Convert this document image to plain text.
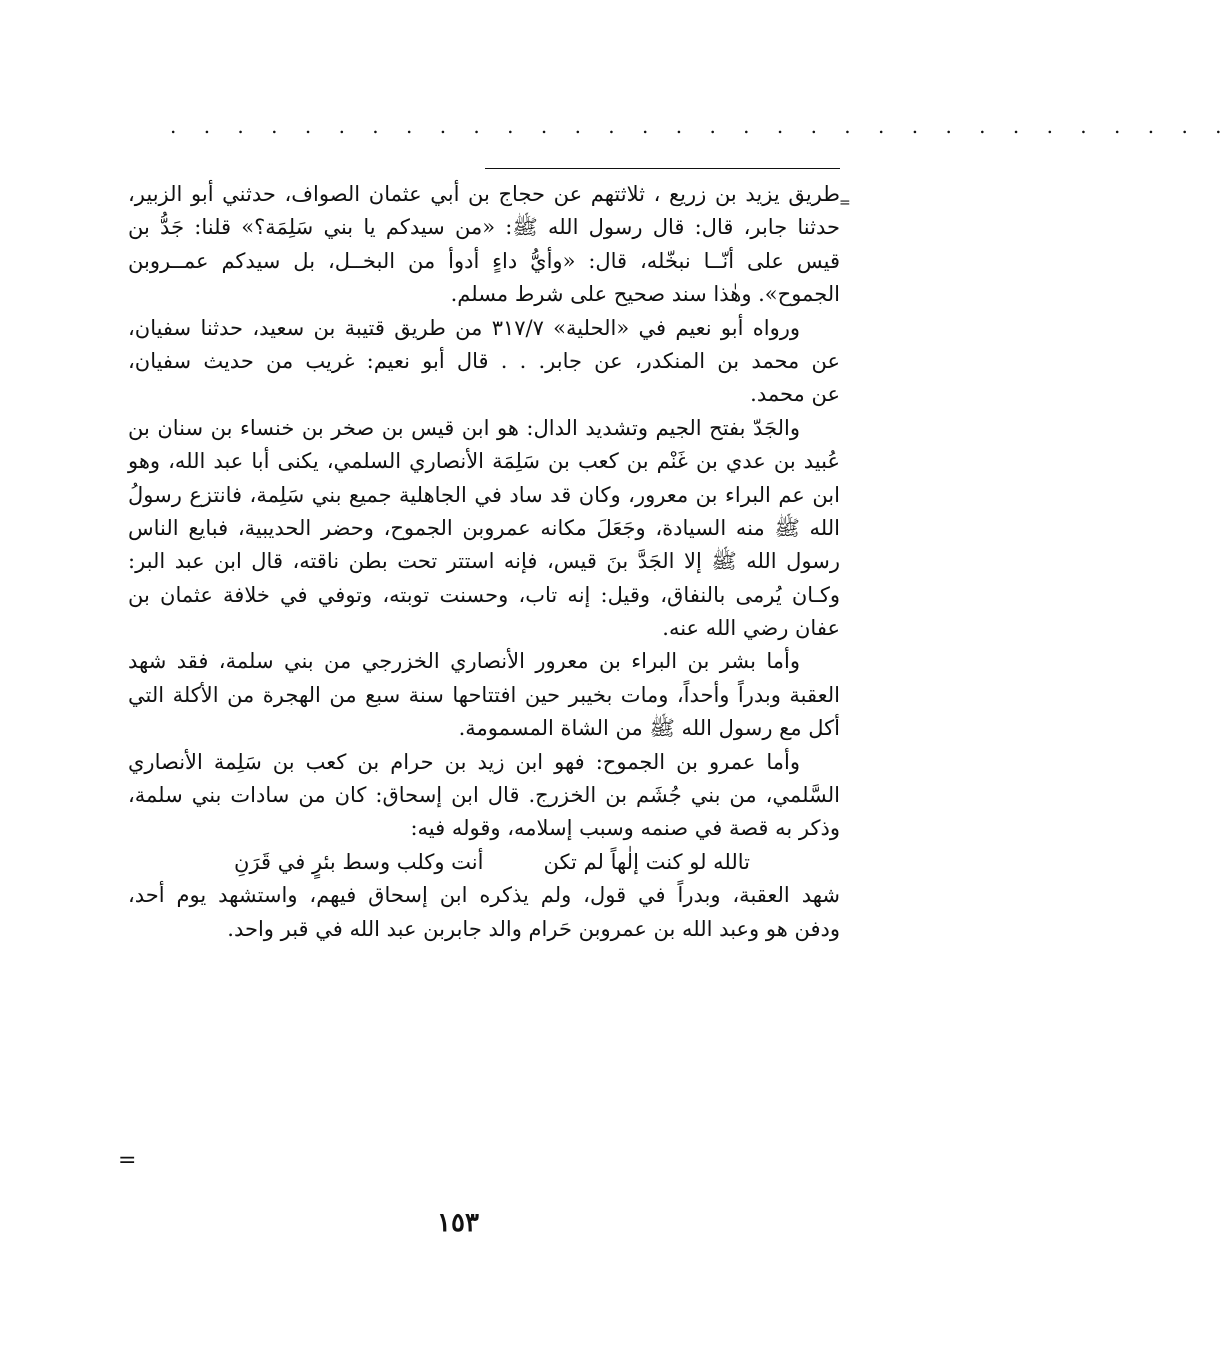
. . . . . . . . . . . . . . . . . . . . . . . . . . . . . . . .
=

طريق يزيد بن زريع ، ثلاثتهم عن حجاج بن أبي عثمان الصواف، حدثني أبو الزبير،
حدثنا جابر، قال: قال رسول الله ﷺ: «من سيدكم يا بني سَلِمَة؟» قلنا: جَدُّ بن
قيس على أنّــا نبخّله، قال: «وأيُّ داءٍ أدوأ من البخــل، بل سيدكم عمــروبن
الجموح». وهٰذا سند صحيح على شرط مسلم.

ورواه أبو نعيم في «الحلية» ٣١٧/٧ من طريق قتيبة بن سعيد، حدثنا سفيان،
عن محمد بن المنكدر، عن جابر. . . قال أبو نعيم: غريب من حديث سفيان،
عن محمد.

والجَدّ بفتح الجيم وتشديد الدال: هو ابن قيس بن صخر بن خنساء بن سنان بن
عُبيد بن عدي بن غَنْم بن كعب بن سَلِمَة الأنصاري السلمي، يكنى أبا عبد الله، وهو
ابن عم البراء بن معرور، وكان قد ساد في الجاهلية جميع بني سَلِمة، فانتزع رسولُ
الله ﷺ منه السيادة، وجَعَلَ مكانه عمروبن الجموح، وحضر الحديبية، فبايع الناس
رسول الله ﷺ إلا الجَدَّ بنَ قيس، فإنه استتر تحت بطن ناقته، قال ابن عبد البر:
وكـان يُرمى بالنفاق، وقيل: إنه تاب، وحسنت توبته، وتوفي في خلافة عثمان بن
عفان رضي الله عنه.

وأما بشر بن البراء بن معرور الأنصاري الخزرجي من بني سلمة، فقد شهد
العقبة وبدراً وأحداً، ومات بخيبر حين افتتاحها سنة سبع من الهجرة من الأكلة التي
أكل مع رسول الله ﷺ من الشاة المسمومة.

وأما عمرو بن الجموح: فهو ابن زيد بن حرام بن كعب بن سَلِمة الأنصاري
السَّلمي، من بني جُشَم بن الخزرج. قال ابن إسحاق: كان من سادات بني سلمة،
وذكر به قصة في صنمه وسبب إسلامه، وقوله فيه:

تالله لو كنت إلٰهاً لم تكن
أنت وكلب وسط بئرٍ في قَرَنِ

شهد العقبة، وبدراً في قول، ولم يذكره ابن إسحاق فيهم، واستشهد يوم أحد،
ودفن هو وعبد الله بن عمروبن حَرام والد جابربن عبد الله في قبر واحد.

=
١٥٣
